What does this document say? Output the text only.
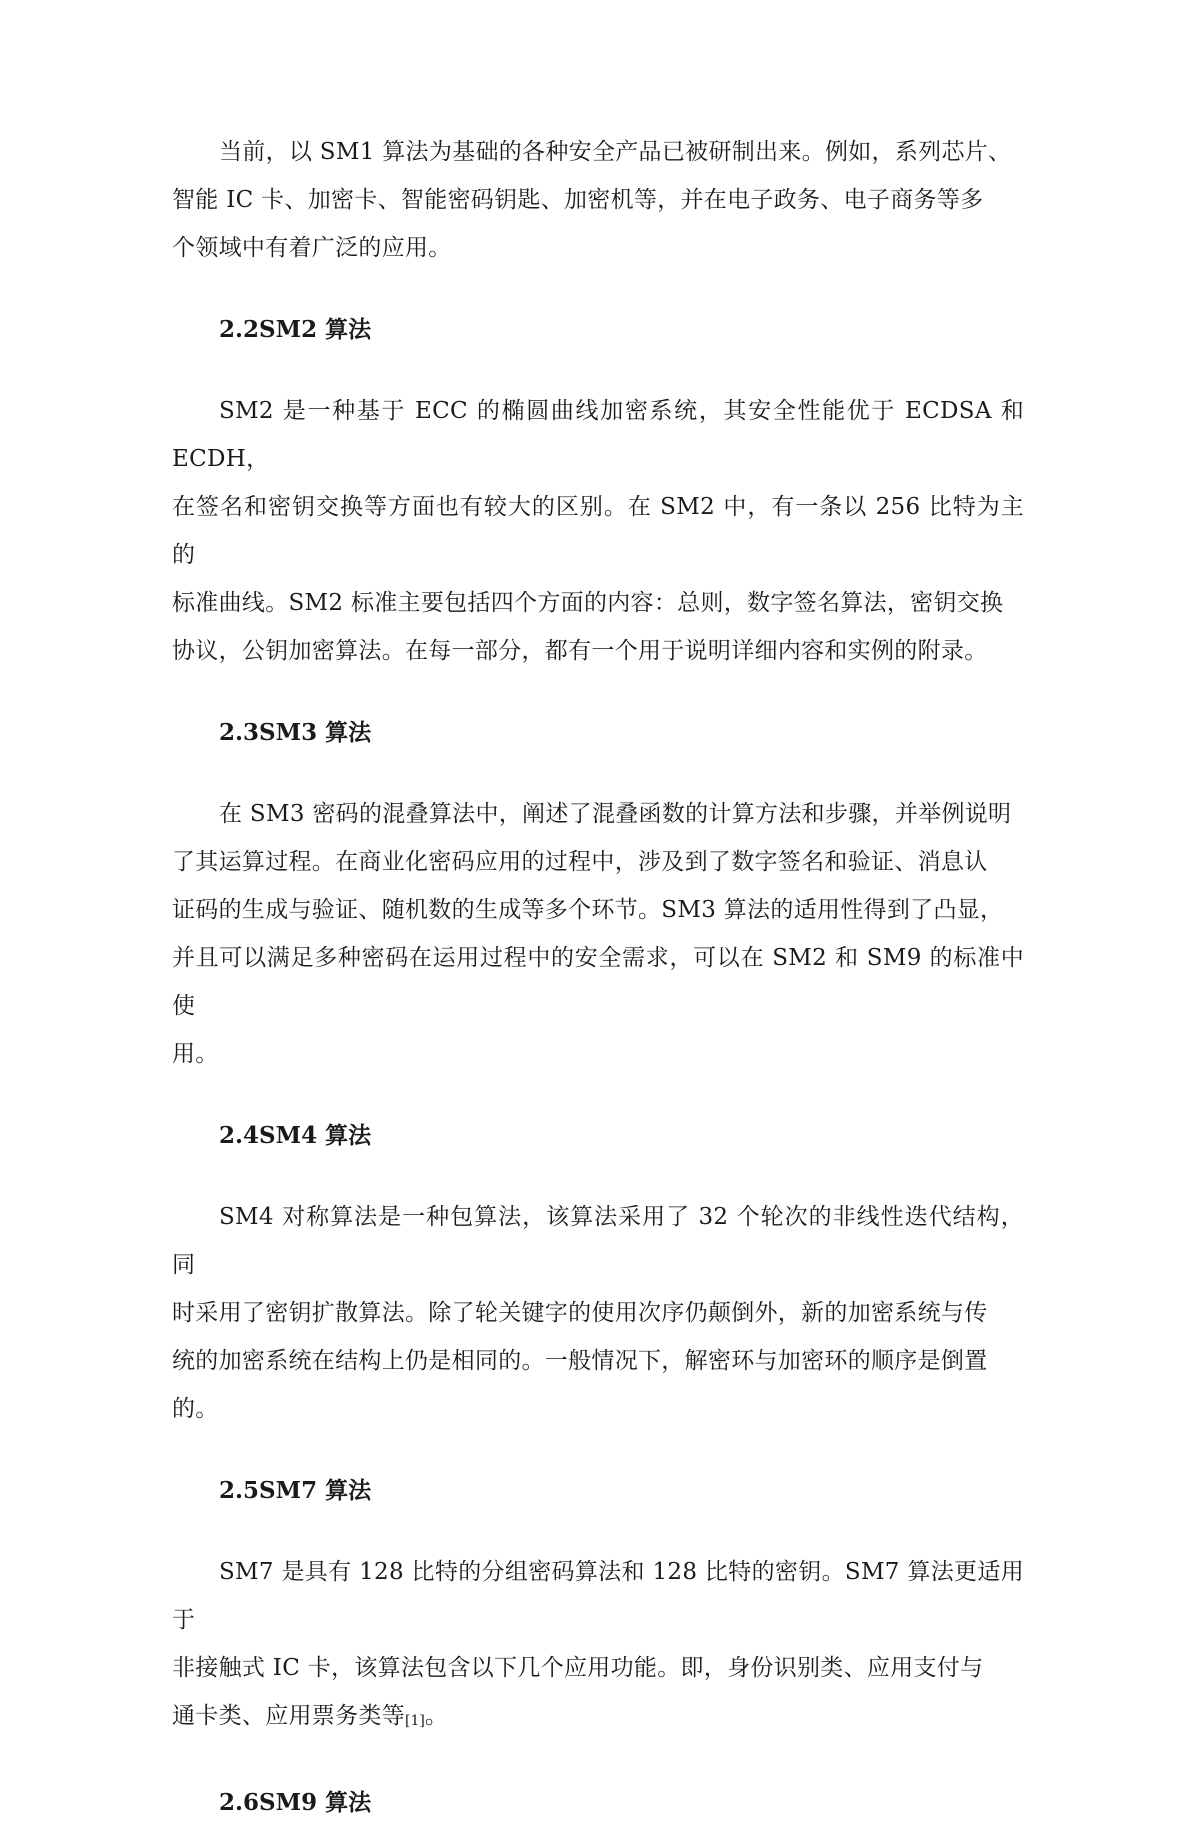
当前，以 SM1 算法为基础的各种安全产品已被研制出来。例如，系列芯片、

智能 IC 卡、加密卡、智能密码钥匙、加密机等，并在电子政务、电子商务等多

个领域中有着广泛的应用。

2.2SM2 算法

SM2 是一种基于 ECC 的椭圆曲线加密系统，其安全性能优于 ECDSA 和 ECDH，

在签名和密钥交换等方面也有较大的区别。在 SM2 中，有一条以 256 比特为主的

标准曲线。SM2 标准主要包括四个方面的内容：总则，数字签名算法，密钥交换

协议，公钥加密算法。在每一部分，都有一个用于说明详细内容和实例的附录。

2.3SM3 算法

在 SM3 密码的混叠算法中，阐述了混叠函数的计算方法和步骤，并举例说明

了其运算过程。在商业化密码应用的过程中，涉及到了数字签名和验证、消息认

证码的生成与验证、随机数的生成等多个环节。SM3 算法的适用性得到了凸显，

并且可以满足多种密码在运用过程中的安全需求，可以在 SM2 和 SM9 的标准中使

用。

2.4SM4 算法

SM4 对称算法是一种包算法，该算法采用了 32 个轮次的非线性迭代结构，同

时采用了密钥扩散算法。除了轮关键字的使用次序仍颠倒外，新的加密系统与传

统的加密系统在结构上仍是相同的。一般情况下，解密环与加密环的顺序是倒置

的。

2.5SM7 算法

SM7 是具有 128 比特的分组密码算法和 128 比特的密钥。SM7 算法更适用于

非接触式 IC 卡，该算法包含以下几个应用功能。即，身份识别类、应用支付与

通卡类、应用票务类等[1]。

2.6SM9 算法
